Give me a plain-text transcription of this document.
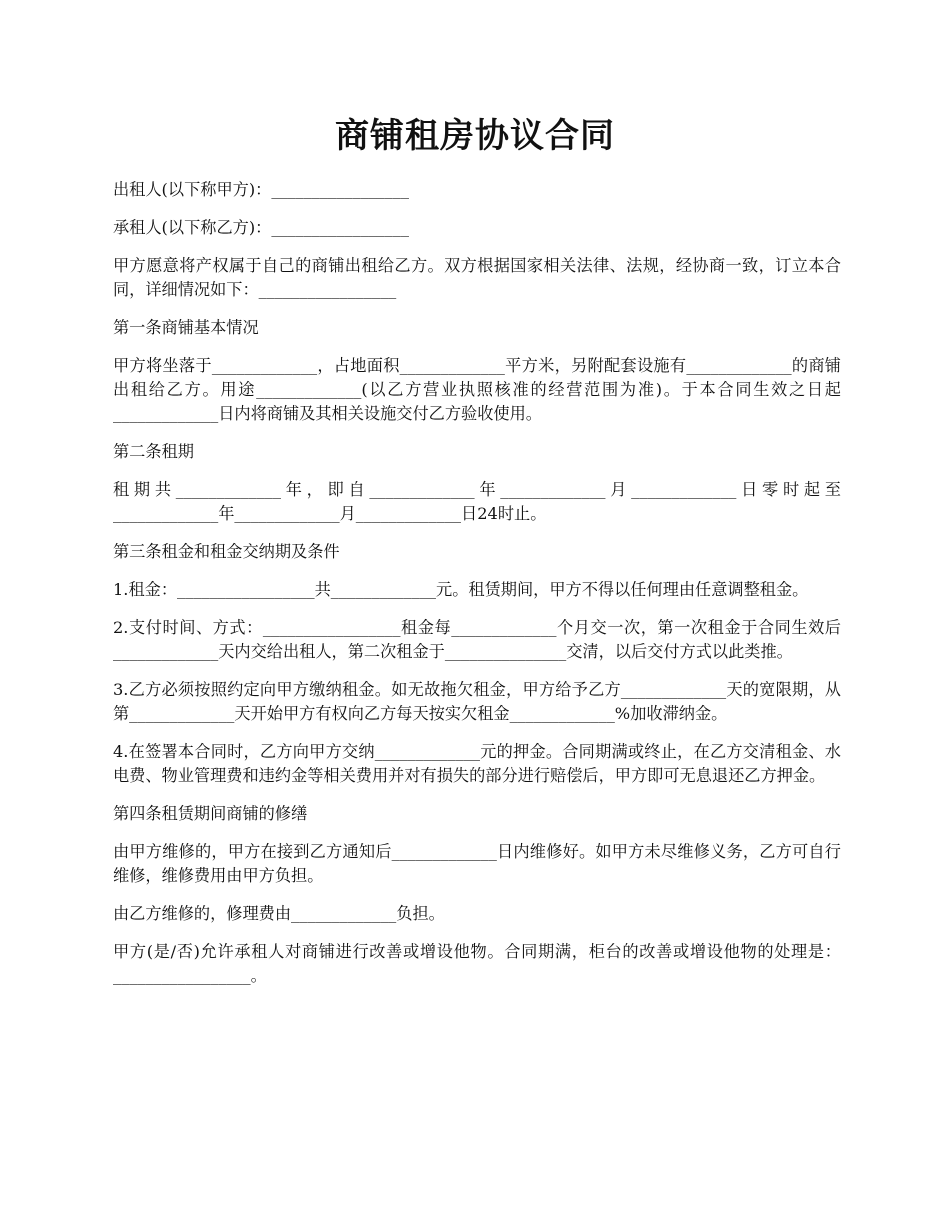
商铺租房协议合同

出租人(以下称甲方)：_________________

承租人(以下称乙方)：_________________

甲方愿意将产权属于自己的商铺出租给乙方。双方根据国家相关法律、法规，经协商一致，订立本合同，详细情况如下：_________________

第一条商铺基本情况

甲方将坐落于_____________，占地面积_____________平方米，另附配套设施有_____________的商铺出租给乙方。用途_____________(以乙方营业执照核准的经营范围为准)。于本合同生效之日起_____________日内将商铺及其相关设施交付乙方验收使用。

第二条租期

租期共_____________年，即自_____________年_____________月_____________日零时起至_____________年_____________月_____________日24时止。

第三条租金和租金交纳期及条件

1.租金：_________________共_____________元。租赁期间，甲方不得以任何理由任意调整租金。

2.支付时间、方式：_________________租金每_____________个月交一次，第一次租金于合同生效后_____________天内交给出租人，第二次租金于_______________交清，以后交付方式以此类推。

3.乙方必须按照约定向甲方缴纳租金。如无故拖欠租金，甲方给予乙方_____________天的宽限期，从第_____________天开始甲方有权向乙方每天按实欠租金_____________%加收滞纳金。

4.在签署本合同时，乙方向甲方交纳_____________元的押金。合同期满或终止，在乙方交清租金、水电费、物业管理费和违约金等相关费用并对有损失的部分进行赔偿后，甲方即可无息退还乙方押金。

第四条租赁期间商铺的修缮

由甲方维修的，甲方在接到乙方通知后_____________日内维修好。如甲方未尽维修义务，乙方可自行维修，维修费用由甲方负担。

由乙方维修的，修理费由_____________负担。

甲方(是/否)允许承租人对商铺进行改善或增设他物。合同期满，柜台的改善或增设他物的处理是：_________________。
